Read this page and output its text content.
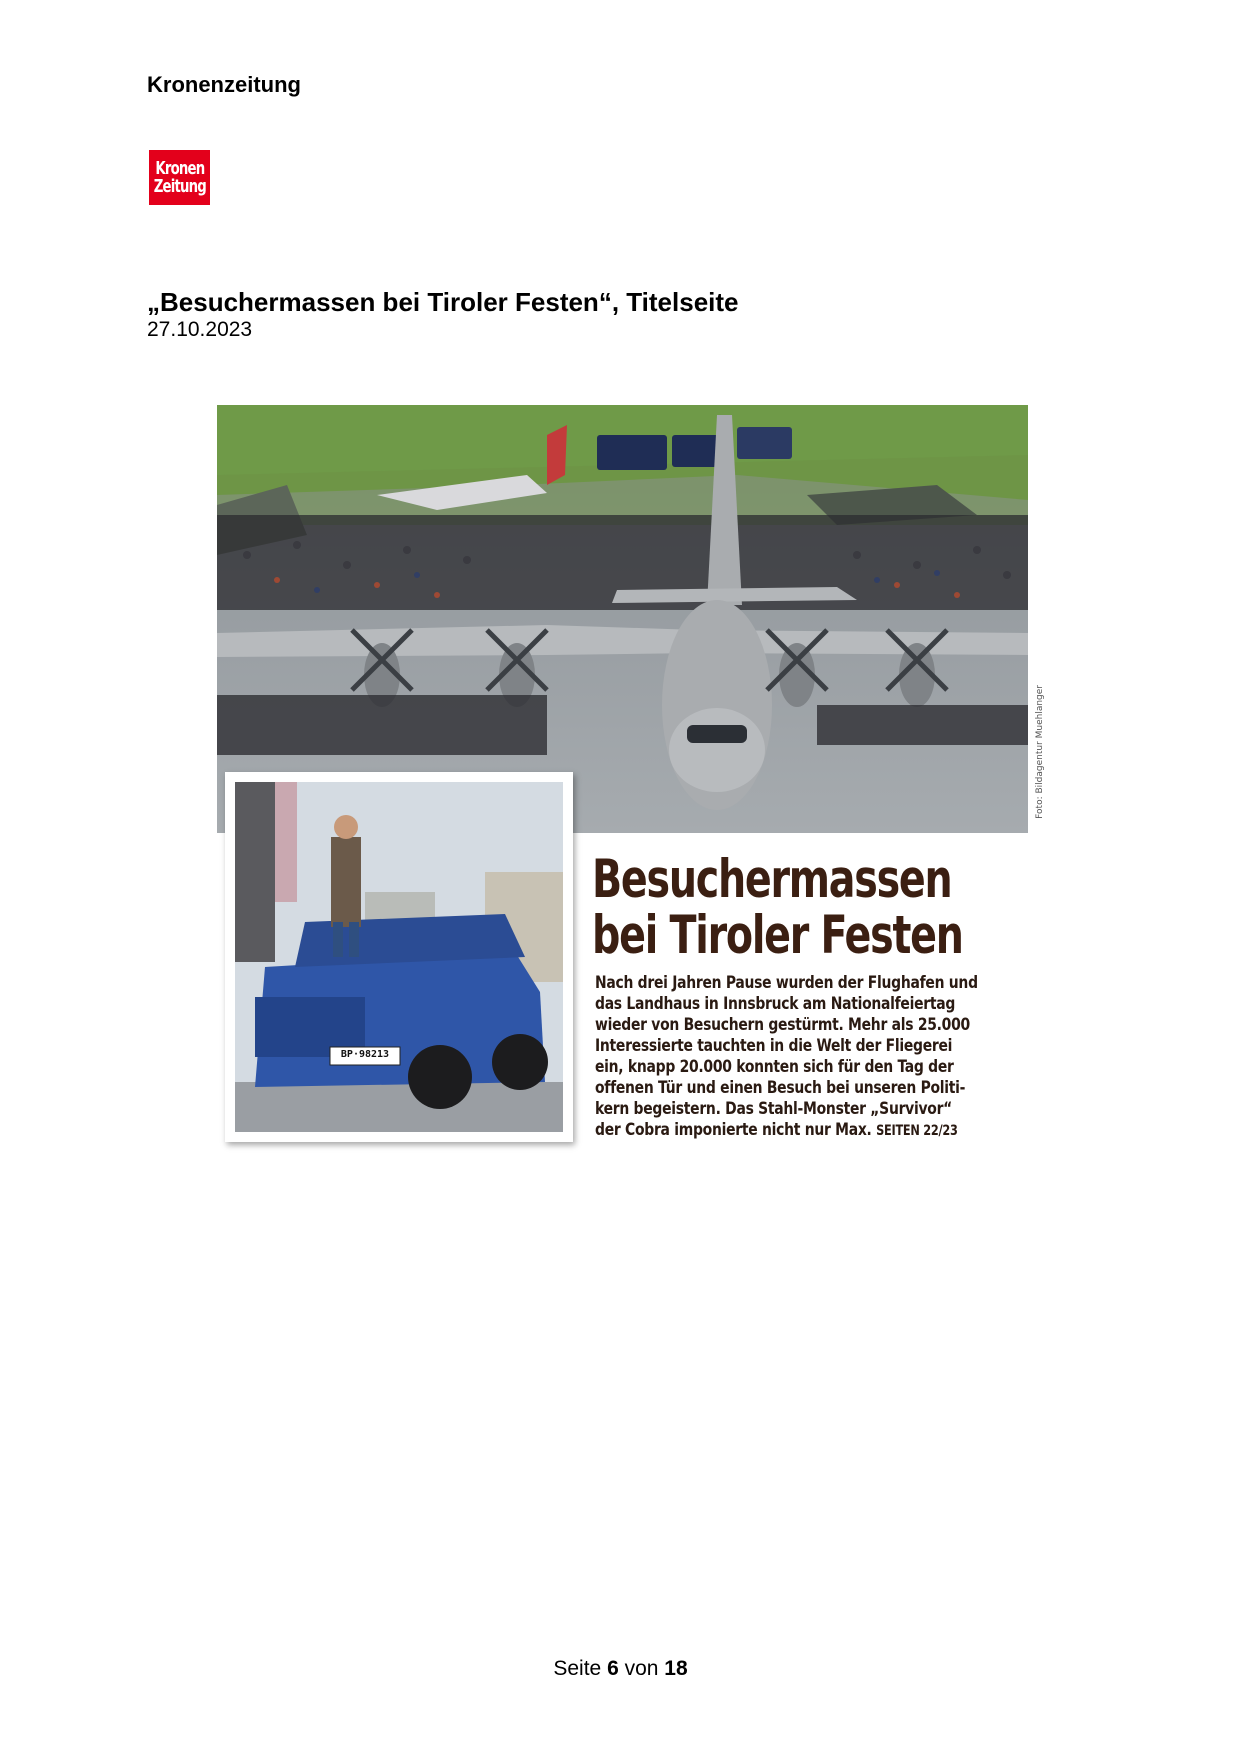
Kronenzeitung
Kronen
Zeitung
„Besuchermassen bei Tiroler Festen“, Titelseite
27.10.2023
Foto: Bildagentur Muehlanger
BP·98213
Besuchermassen
bei Tiroler Festen
Nach drei Jahren Pause wurden der Flughafen und
das Landhaus in Innsbruck am Nationalfeiertag
wieder von Besuchern gestürmt. Mehr als 25.000
Interessierte tauchten in die Welt der Fliegerei
ein, knapp 20.000 konnten sich für den Tag der
offenen Tür und einen Besuch bei unseren Politi-
kern begeistern. Das Stahl-Monster „Survivor“
der Cobra imponierte nicht nur Max. SEITEN 22/23
Seite 6 von 18
